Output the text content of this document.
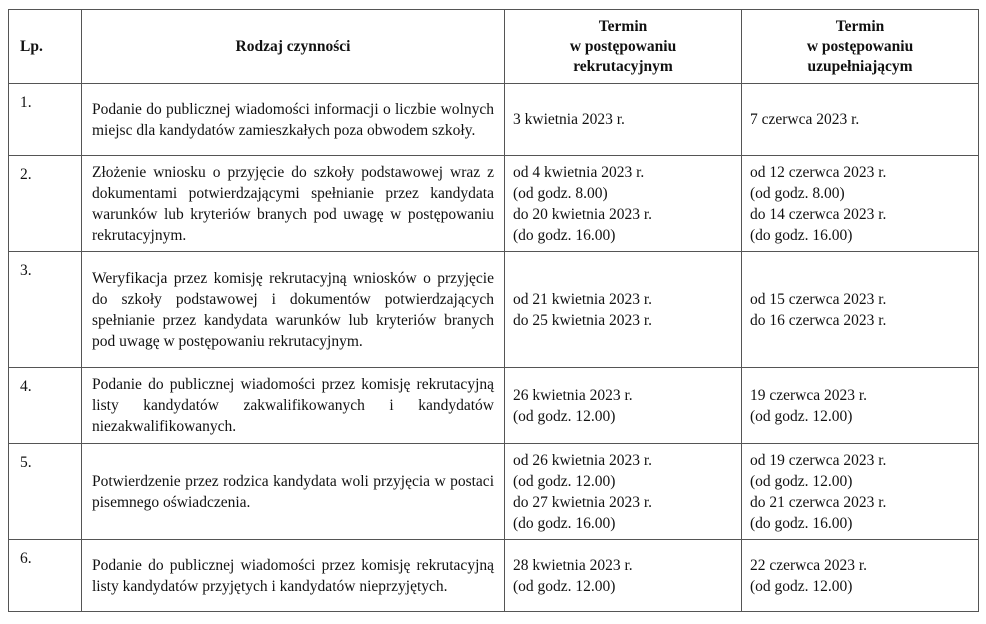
Lp.	Rodzaj czynności	Termin
w postępowaniu
rekrutacyjnym	Termin
w postępowaniu
uzupełniającym

1.	Podanie do publicznej wiadomości informacji o liczbie wolnych miejsc dla kandydatów zamieszkałych poza obwodem szkoły.	3 kwietnia 2023 r.	7 czerwca 2023 r.

2.	Złożenie wniosku o przyjęcie do szkoły podstawowej wraz z dokumentami potwierdzającymi spełnianie przez kandydata warunków lub kryteriów branych pod uwagę w postępowaniu rekrutacyjnym.	od 4 kwietnia 2023 r.
(od godz. 8.00)
do 20 kwietnia 2023 r.
(do godz. 16.00)	od 12 czerwca 2023 r.
(od godz. 8.00)
do 14 czerwca 2023 r.
(do godz. 16.00)

3.	Weryfikacja przez komisję rekrutacyjną wniosków o przyjęcie do szkoły podstawowej i dokumentów potwierdzających spełnianie przez kandydata warunków lub kryteriów branych pod uwagę w postępowaniu rekrutacyjnym.	od 21 kwietnia 2023 r.
do 25 kwietnia 2023 r.	od 15 czerwca 2023 r.
do 16 czerwca 2023 r.

4.	Podanie do publicznej wiadomości przez komisję rekrutacyjną listy kandydatów zakwalifikowanych i kandydatów niezakwalifikowanych.	26 kwietnia 2023 r.
(od godz. 12.00)	19 czerwca 2023 r.
(od godz. 12.00)

5.	Potwierdzenie przez rodzica kandydata woli przyjęcia w postaci pisemnego oświadczenia.	od 26 kwietnia 2023 r.
(od godz. 12.00)
do 27 kwietnia 2023 r.
(do godz. 16.00)	od 19 czerwca 2023 r.
(od godz. 12.00)
do 21 czerwca 2023 r.
(do godz. 16.00)

6.	Podanie do publicznej wiadomości przez komisję rekrutacyjną listy kandydatów przyjętych i kandydatów nieprzyjętych.	28 kwietnia 2023 r.
(od godz. 12.00)	22 czerwca 2023 r.
(od godz. 12.00)
